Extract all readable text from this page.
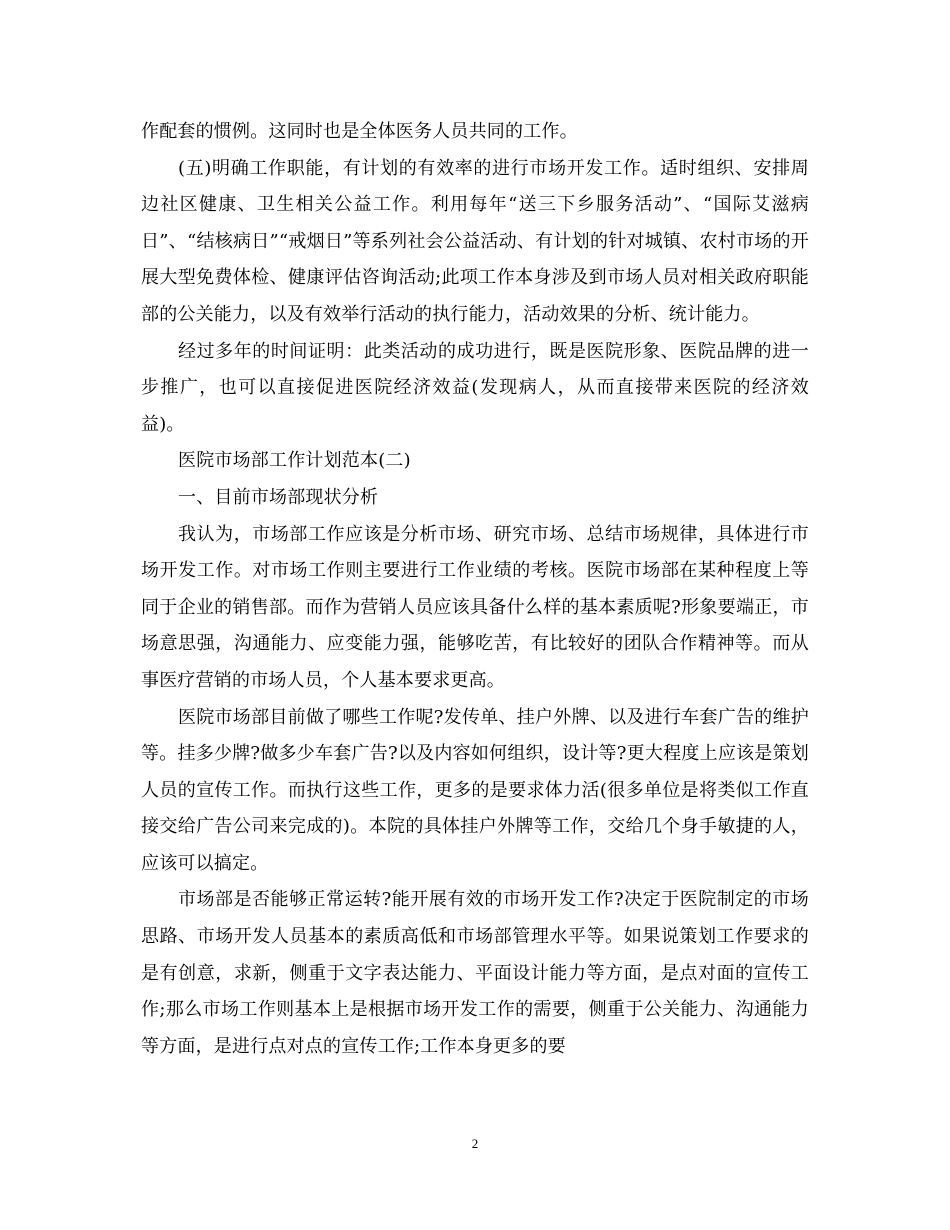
作配套的惯例。这同时也是全体医务人员共同的工作。

(五)明确工作职能，有计划的有效率的进行市场开发工作。适时组织、安排周边社区健康、卫生相关公益工作。利用每年“送三下乡服务活动”、“国际艾滋病日”、“结核病日”“戒烟日”等系列社会公益活动、有计划的针对城镇、农村市场的开展大型免费体检、健康评估咨询活动;此项工作本身涉及到市场人员对相关政府职能部的公关能力，以及有效举行活动的执行能力，活动效果的分析、统计能力。

经过多年的时间证明：此类活动的成功进行，既是医院形象、医院品牌的进一步推广，也可以直接促进医院经济效益(发现病人，从而直接带来医院的经济效益)。

医院市场部工作计划范本(二)

一、目前市场部现状分析

我认为，市场部工作应该是分析市场、研究市场、总结市场规律，具体进行市场开发工作。对市场工作则主要进行工作业绩的考核。医院市场部在某种程度上等同于企业的销售部。而作为营销人员应该具备什么样的基本素质呢?形象要端正，市场意思强，沟通能力、应变能力强，能够吃苦，有比较好的团队合作精神等。而从事医疗营销的市场人员，个人基本要求更高。

医院市场部目前做了哪些工作呢?发传单、挂户外牌、以及进行车套广告的维护等。挂多少牌?做多少车套广告?以及内容如何组织，设计等?更大程度上应该是策划人员的宣传工作。而执行这些工作，更多的是要求体力活(很多单位是将类似工作直接交给广告公司来完成的)。本院的具体挂户外牌等工作，交给几个身手敏捷的人，应该可以搞定。

市场部是否能够正常运转?能开展有效的市场开发工作?决定于医院制定的市场思路、市场开发人员基本的素质高低和市场部管理水平等。如果说策划工作要求的是有创意，求新，侧重于文字表达能力、平面设计能力等方面，是点对面的宣传工作;那么市场工作则基本上是根据市场开发工作的需要，侧重于公关能力、沟通能力等方面，是进行点对点的宣传工作;工作本身更多的要

2
